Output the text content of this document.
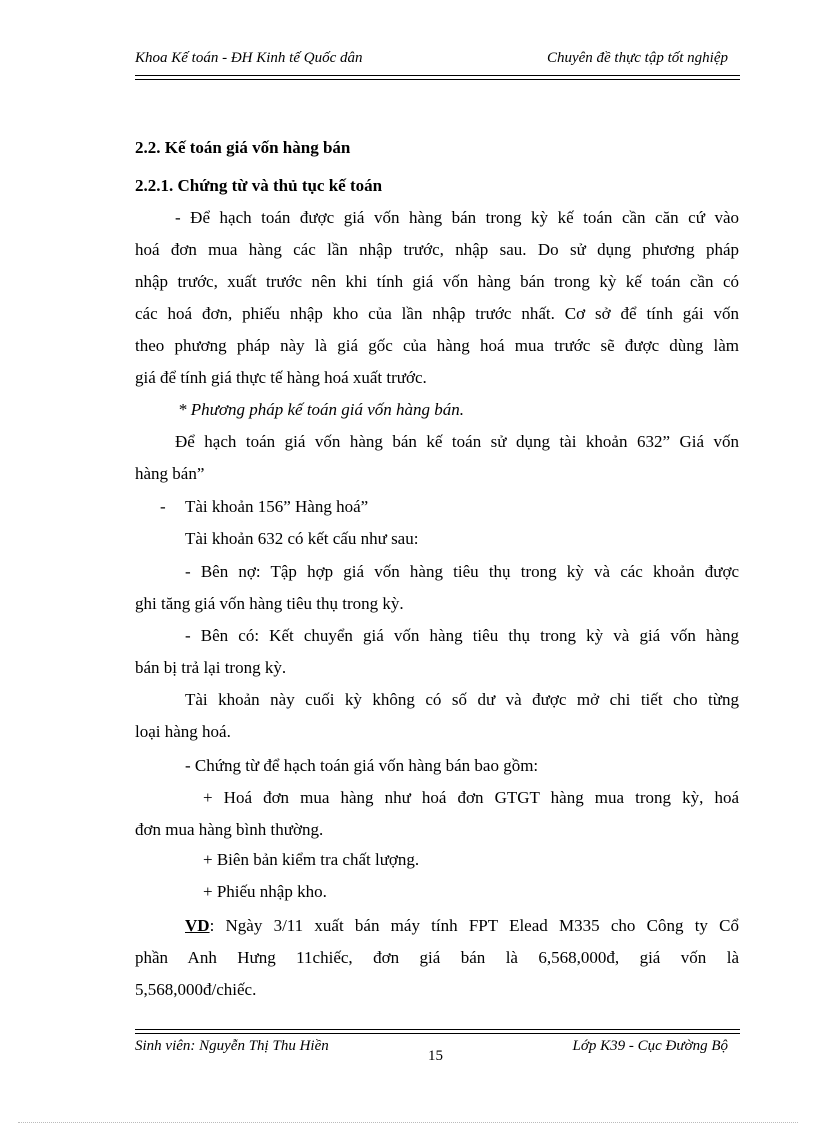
Khoa Kế toán - ĐH Kinh tế Quốc dân	Chuyên đề thực tập tốt nghiệp
2.2. Kế toán giá vốn hàng bán
2.2.1. Chứng từ và thủ tục kế toán
- Để hạch toán được giá vốn hàng bán trong kỳ kế toán cần căn cứ vào
hoá đơn mua hàng các lần nhập trước, nhập sau. Do sử dụng phương pháp
nhập trước, xuất trước nên khi tính giá vốn hàng bán trong kỳ kế toán cần có
các hoá đơn, phiếu nhập kho của lần nhập trước nhất. Cơ sở để tính gái vốn
theo phương pháp này là giá gốc của hàng hoá mua trước sẽ được dùng làm
giá để tính giá thực tế hàng hoá xuất trước.
* Phương pháp kế toán giá vốn hàng bán.
Để hạch toán giá vốn hàng bán kế toán sử dụng tài khoản 632” Giá vốn
hàng bán”
- Tài khoản 156” Hàng hoá”
Tài khoản 632 có kết cấu như sau:
- Bên nợ: Tập hợp giá vốn hàng tiêu thụ trong kỳ và các khoản được
ghi tăng giá vốn hàng tiêu thụ trong kỳ.
- Bên có: Kết chuyển giá vốn hàng tiêu thụ trong kỳ và giá vốn hàng
bán bị trả lại trong kỳ.
Tài khoản này cuối kỳ không có số dư và được mở chi tiết cho từng
loại hàng hoá.
- Chứng từ để hạch toán giá vốn hàng bán bao gồm:
+ Hoá đơn mua hàng như hoá đơn GTGT hàng mua trong kỳ, hoá
đơn mua hàng bình thường.
+ Biên bản kiểm tra chất lượng.
+ Phiếu nhập kho.
VD : Ngày 3/11 xuất bán máy tính FPT Elead M335 cho Công ty Cổ
phần Anh Hưng 11chiếc, đơn giá bán là 6,568,000đ, giá vốn là
5,568,000đ/chiếc.
Sinh viên: Nguyễn Thị Thu Hiền
15
Lớp K39 - Cục Đường Bộ
